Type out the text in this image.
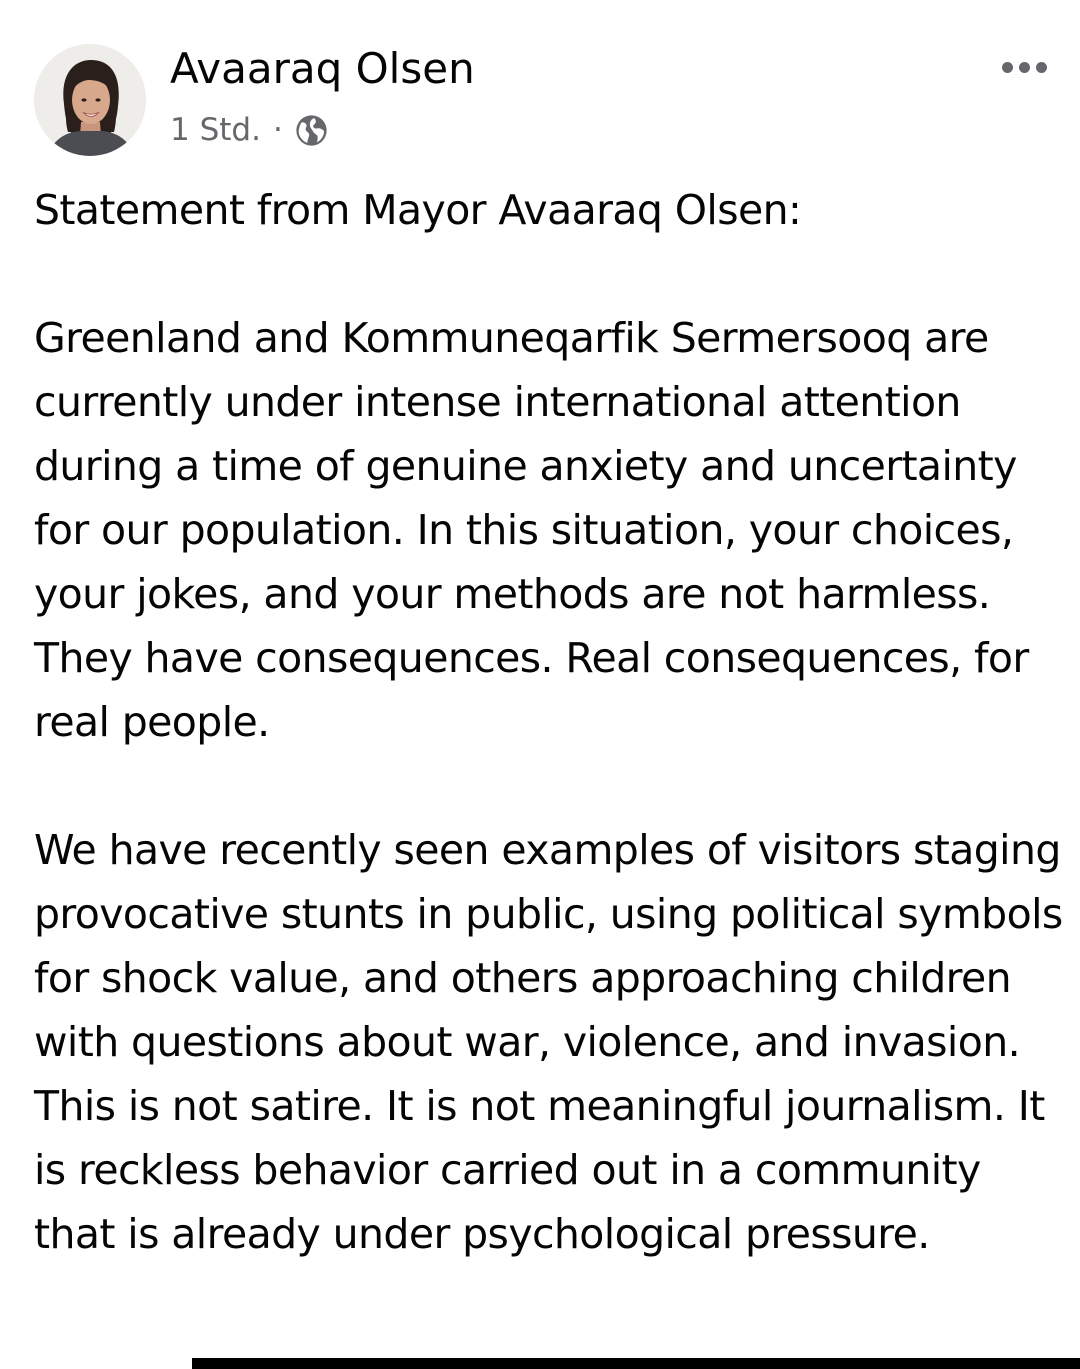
Avaaraq Olsen
1 Std. ·

Statement from Mayor Avaaraq Olsen:

Greenland and Kommuneqarfik Sermersooq are currently under intense international attention during a time of genuine anxiety and uncertainty for our population. In this situation, your choices, your jokes, and your methods are not harmless. They have consequences. Real consequences, for real people.

We have recently seen examples of visitors staging provocative stunts in public, using political symbols for shock value, and others approaching children with questions about war, violence, and invasion. This is not satire. It is not meaningful journalism. It is reckless behavior carried out in a community that is already under psychological pressure.
